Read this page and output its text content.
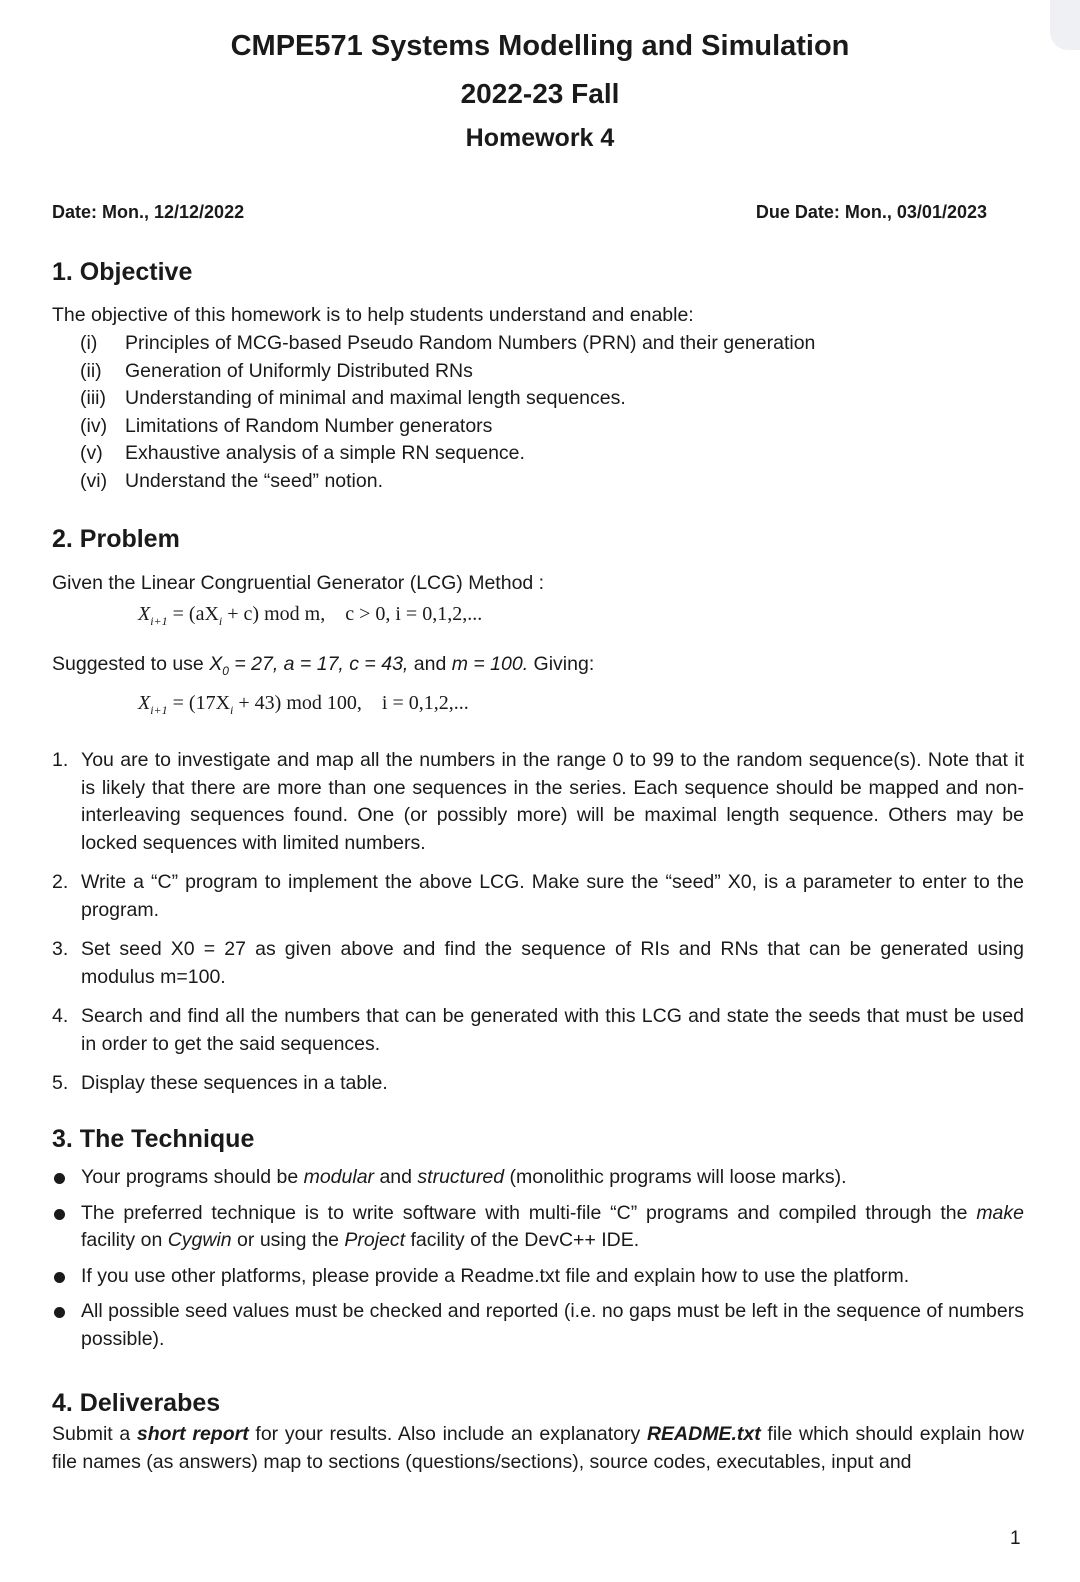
CMPE571 Systems Modelling and Simulation
2022-23 Fall
Homework 4
Date: Mon., 12/12/2022	Due Date: Mon., 03/01/2023
1. Objective
The objective of this homework is to help students understand and enable:
(i)	Principles of MCG-based Pseudo Random Numbers (PRN) and their generation
(ii)	Generation of Uniformly Distributed RNs
(iii) Understanding of minimal and maximal length sequences.
(iv) Limitations of Random Number generators
(v)	Exhaustive analysis of a simple RN sequence.
(vi) Understand the “seed” notion.
2. Problem
Given the Linear Congruential Generator (LCG) Method :
$X_{i+1} = (aX_i + c)$ mod m, c > 0, i = 0,1,2,...
Suggested to use $X_0 = 27$, a = 17, c = 43, and m = 100. Giving:
$X_{i+1} = (17X_i + 43)$ mod 100, i = 0,1,2,...
1. You are to investigate and map all the numbers in the range 0 to 99 to the random sequence(s). Note that it is likely that there are more than one sequences in the series. Each sequence should be mapped and non-interleaving sequences found. One (or possibly more) will be maximal length sequence. Others may be locked sequences with limited numbers.
2. Write a “C” program to implement the above LCG. Make sure the “seed” X0, is a parameter to enter to the program.
3. Set seed X0 = 27 as given above and find the sequence of RIs and RNs that can be generated using modulus m=100.
4. Search and find all the numbers that can be generated with this LCG and state the seeds that must be used in order to get the said sequences.
5. Display these sequences in a table.
3. The Technique
Your programs should be modular and structured (monolithic programs will loose marks).
The preferred technique is to write software with multi-file “C” programs and compiled through the make facility on Cygwin or using the Project facility of the DevC++ IDE.
If you use other platforms, please provide a Readme.txt file and explain how to use the platform.
All possible seed values must be checked and reported (i.e. no gaps must be left in the sequence of numbers possible).
4. Deliverabes
Submit a short report for your results. Also include an explanatory README.txt file which should explain how file names (as answers) map to sections (questions/sections), source codes, executables, input and
1
